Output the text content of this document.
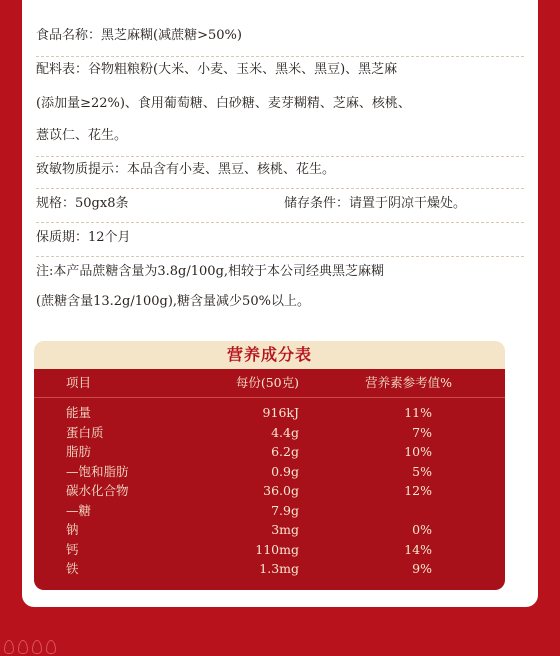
食品名称：黑芝麻糊(减蔗糖>50%)
配料表：谷物粗粮粉(大米、小麦、玉米、黑米、黑豆)、黑芝麻
(添加量≥22%)、食用葡萄糖、白砂糖、麦芽糊精、芝麻、核桃、
薏苡仁、花生。
致敏物质提示：本品含有小麦、黑豆、核桃、花生。
规格：50gx8条	储存条件：请置于阴凉干燥处。
保质期：12个月
注:本产品蔗糖含量为3.8g/100g,相较于本公司经典黑芝麻糊
(蔗糖含量13.2g/100g),糖含量减少50%以上。
营养成分表
项目	每份(50克)	营养素参考值%
能量	916kJ	11%
蛋白质	4.4g	7%
脂肪	6.2g	10%
—饱和脂肪	0.9g	5%
碳水化合物	36.0g	12%
—糖	7.9g
钠	3mg	0%
钙	110mg	14%
铁	1.3mg	9%
